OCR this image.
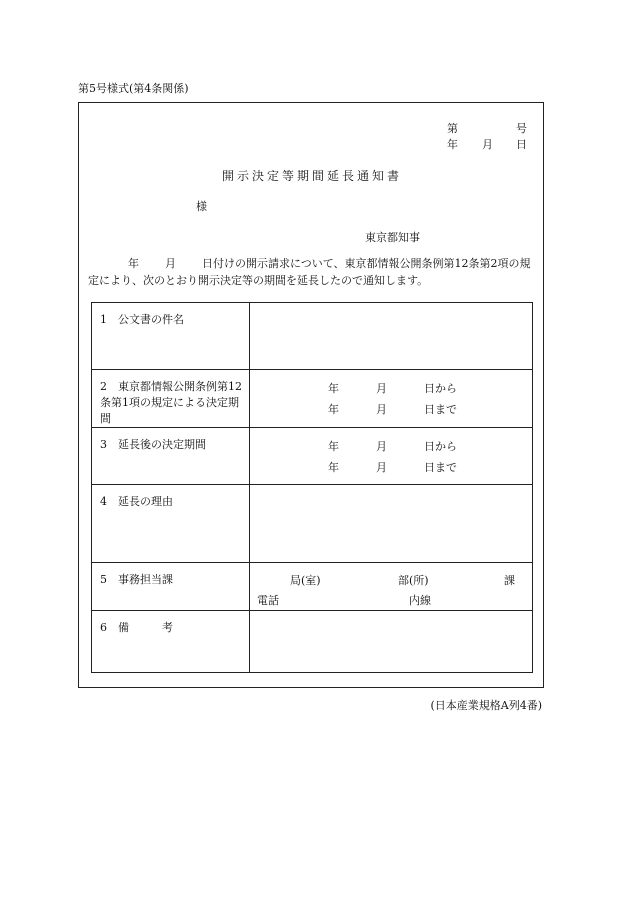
第5号様式(第4条関係)
第	号
年 月 日
開示決定等期間延長通知書
様
東京都知事
年 月 日付けの開示請求について、東京都情報公開条例第12条第2項の規定により、次のとおり開示決定等の期間を延長したので通知します。
1　公文書の件名	

2　東京都情報公開条例第12条第1項の規定による決定期間	年 月 日から
年 月 日まで

3　延長後の決定期間	年 月 日から
年 月 日まで

4　延長の理由	

5　事務担当課	局(室) 部(所) 課
電話 内線

6　備　　　考	

(日本産業規格A列4番)
